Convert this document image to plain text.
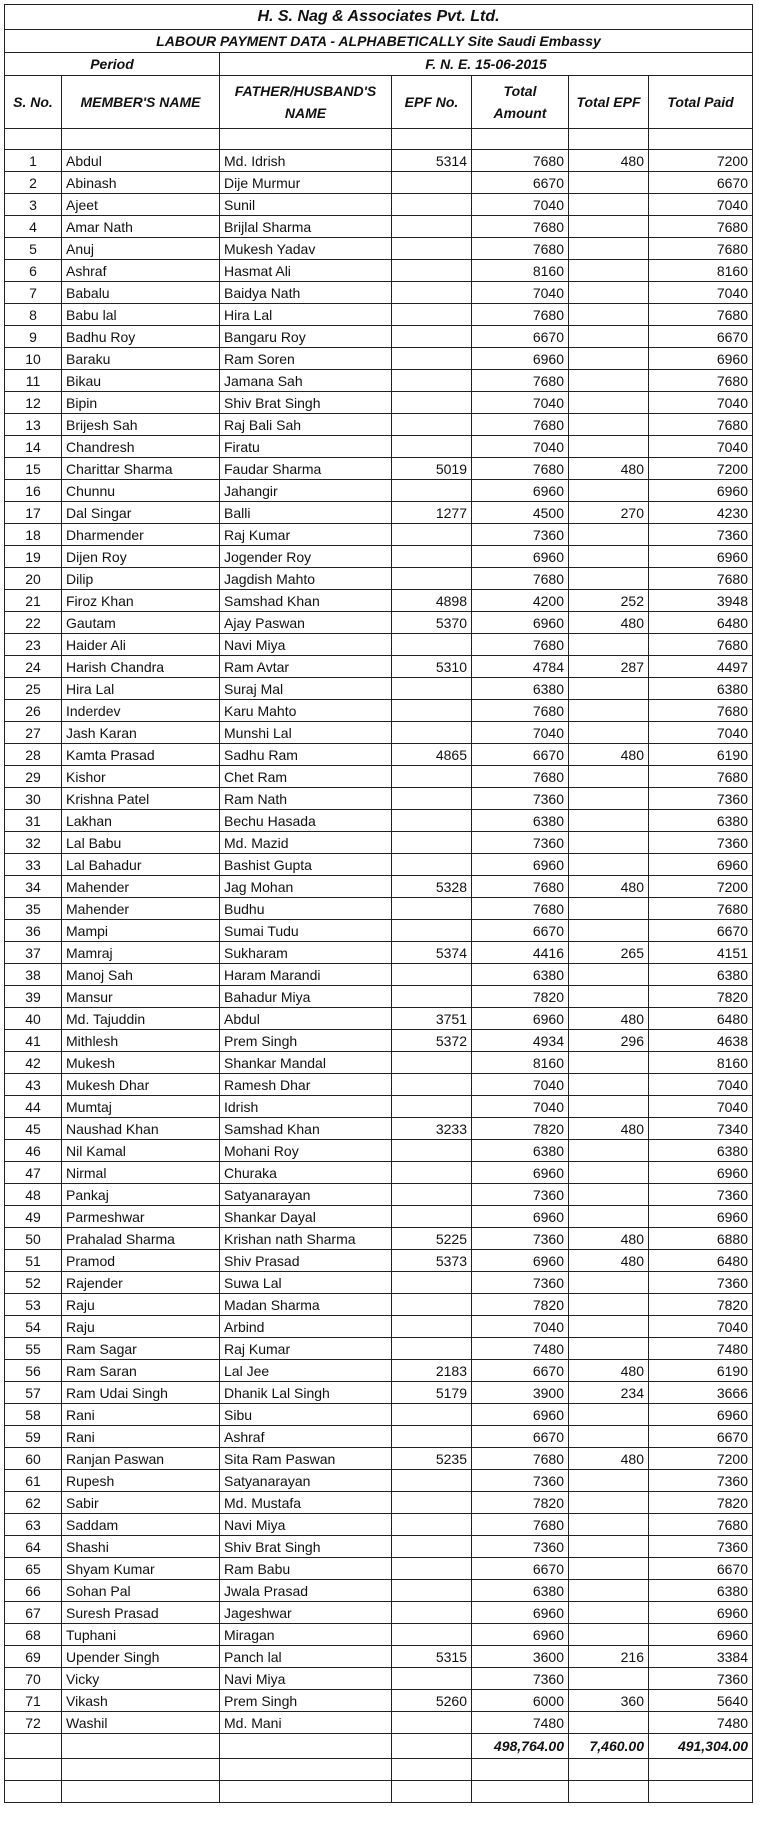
H. S. Nag & Associates Pvt. Ltd.						
LABOUR PAYMENT DATA - ALPHABETICALLY Site Saudi Embassy						
Period		F. N. E. 15-06-2015				
S. No.	MEMBER'S NAME	FATHER/HUSBAND'S NAME	EPF No.	Total Amount	Total EPF	Total Paid

1	Abdul	Md. Idrish	5314	7680	480	7200
2	Abinash	Dije Murmur		6670		6670
3	Ajeet	Sunil		7040		7040
4	Amar Nath	Brijlal Sharma		7680		7680
5	Anuj	Mukesh Yadav		7680		7680
6	Ashraf	Hasmat Ali		8160		8160
7	Babalu	Baidya Nath		7040		7040
8	Babu lal	Hira Lal		7680		7680
9	Badhu Roy	Bangaru Roy		6670		6670
10	Baraku	Ram Soren		6960		6960
11	Bikau	Jamana Sah		7680		7680
12	Bipin	Shiv Brat Singh		7040		7040
13	Brijesh Sah	Raj Bali Sah		7680		7680
14	Chandresh	Firatu		7040		7040
15	Charittar Sharma	Faudar Sharma	5019	7680	480	7200
16	Chunnu	Jahangir		6960		6960
17	Dal Singar	Balli	1277	4500	270	4230
18	Dharmender	Raj Kumar		7360		7360
19	Dijen Roy	Jogender Roy		6960		6960
20	Dilip	Jagdish Mahto		7680		7680
21	Firoz Khan	Samshad Khan	4898	4200	252	3948
22	Gautam	Ajay Paswan	5370	6960	480	6480
23	Haider Ali	Navi Miya		7680		7680
24	Harish Chandra	Ram Avtar	5310	4784	287	4497
25	Hira Lal	Suraj Mal		6380		6380
26	Inderdev	Karu Mahto		7680		7680
27	Jash Karan	Munshi Lal		7040		7040
28	Kamta Prasad	Sadhu Ram	4865	6670	480	6190
29	Kishor	Chet Ram		7680		7680
30	Krishna Patel	Ram Nath		7360		7360
31	Lakhan	Bechu Hasada		6380		6380
32	Lal Babu	Md. Mazid		7360		7360
33	Lal Bahadur	Bashist Gupta		6960		6960
34	Mahender	Jag Mohan	5328	7680	480	7200
35	Mahender	Budhu		7680		7680
36	Mampi	Sumai Tudu		6670		6670
37	Mamraj	Sukharam	5374	4416	265	4151
38	Manoj Sah	Haram Marandi		6380		6380
39	Mansur	Bahadur Miya		7820		7820
40	Md. Tajuddin	Abdul	3751	6960	480	6480
41	Mithlesh	Prem Singh	5372	4934	296	4638
42	Mukesh	Shankar Mandal		8160		8160
43	Mukesh Dhar	Ramesh Dhar		7040		7040
44	Mumtaj	Idrish		7040		7040
45	Naushad Khan	Samshad Khan	3233	7820	480	7340
46	Nil Kamal	Mohani Roy		6380		6380
47	Nirmal	Churaka		6960		6960
48	Pankaj	Satyanarayan		7360		7360
49	Parmeshwar	Shankar Dayal		6960		6960
50	Prahalad Sharma	Krishan nath Sharma	5225	7360	480	6880
51	Pramod	Shiv Prasad	5373	6960	480	6480
52	Rajender	Suwa Lal		7360		7360
53	Raju	Madan Sharma		7820		7820
54	Raju	Arbind		7040		7040
55	Ram Sagar	Raj Kumar		7480		7480
56	Ram Saran	Lal Jee	2183	6670	480	6190
57	Ram Udai Singh	Dhanik Lal Singh	5179	3900	234	3666
58	Rani	Sibu		6960		6960
59	Rani	Ashraf		6670		6670
60	Ranjan Paswan	Sita Ram Paswan	5235	7680	480	7200
61	Rupesh	Satyanarayan		7360		7360
62	Sabir	Md. Mustafa		7820		7820
63	Saddam	Navi Miya		7680		7680
64	Shashi	Shiv Brat Singh		7360		7360
65	Shyam Kumar	Ram Babu		6670		6670
66	Sohan Pal	Jwala Prasad		6380		6380
67	Suresh Prasad	Jageshwar		6960		6960
68	Tuphani	Miragan		6960		6960
69	Upender Singh	Panch lal	5315	3600	216	3384
70	Vicky	Navi Miya		7360		7360
71	Vikash	Prem Singh	5260	6000	360	5640
72	Washil	Md. Mani		7480		7480
				498,764.00	7,460.00	491,304.00
